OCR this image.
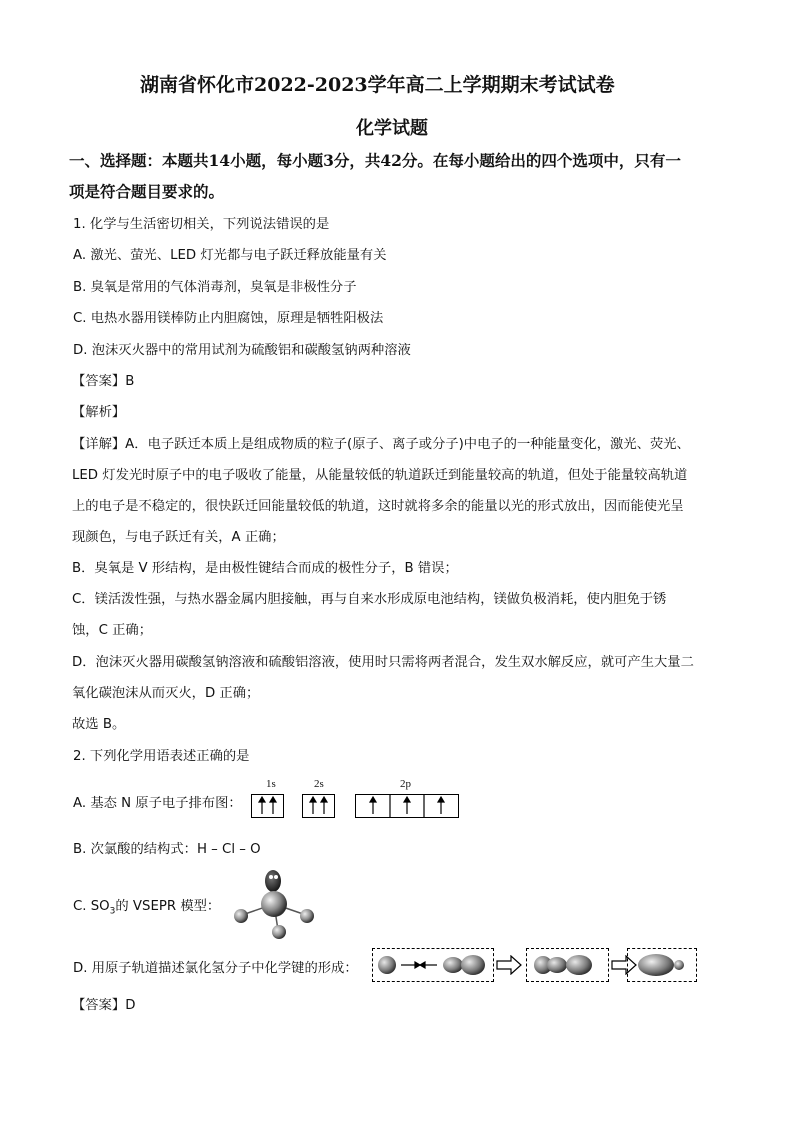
湖南省怀化市2022-2023学年高二上学期期末考试试卷
化学试题
一、选择题：本题共14小题，每小题3分，共42分。在每小题给出的四个选项中，只有一
项是符合题目要求的。
1. 化学与生活密切相关，下列说法错误的是
A. 激光、萤光、LED 灯光都与电子跃迁释放能量有关
B. 臭氧是常用的气体消毒剂，臭氧是非极性分子
C. 电热水器用镁棒防止内胆腐蚀，原理是牺牲阳极法
D. 泡沫灭火器中的常用试剂为硫酸铝和碳酸氢钠两种溶液
【答案】B
【解析】
【详解】A．电子跃迁本质上是组成物质的粒子(原子、离子或分子)中电子的一种能量变化，激光、荧光、
LED 灯发光时原子中的电子吸收了能量，从能量较低的轨道跃迁到能量较高的轨道，但处于能量较高轨道
上的电子是不稳定的，很快跃迁回能量较低的轨道，这时就将多余的能量以光的形式放出，因而能使光呈
现颜色，与电子跃迁有关，A 正确；
B．臭氧是 V 形结构，是由极性键结合而成的极性分子，B 错误；
C．镁活泼性强，与热水器金属内胆接触，再与自来水形成原电池结构，镁做负极消耗，使内胆免于锈
蚀，C 正确；
D．泡沫灭火器用碳酸氢钠溶液和硫酸铝溶液，使用时只需将两者混合，发生双水解反应，就可产生大量二
氧化碳泡沫从而灭火，D 正确；
故选 B。
2. 下列化学用语表述正确的是
A. 基态 N 原子电子排布图：
1s	2s	2p
B. 次氯酸的结构式：H – Cl – O
C. $SO_3$的 VSEPR 模型：
D. 用原子轨道描述氯化氢分子中化学键的形成：
【答案】D
